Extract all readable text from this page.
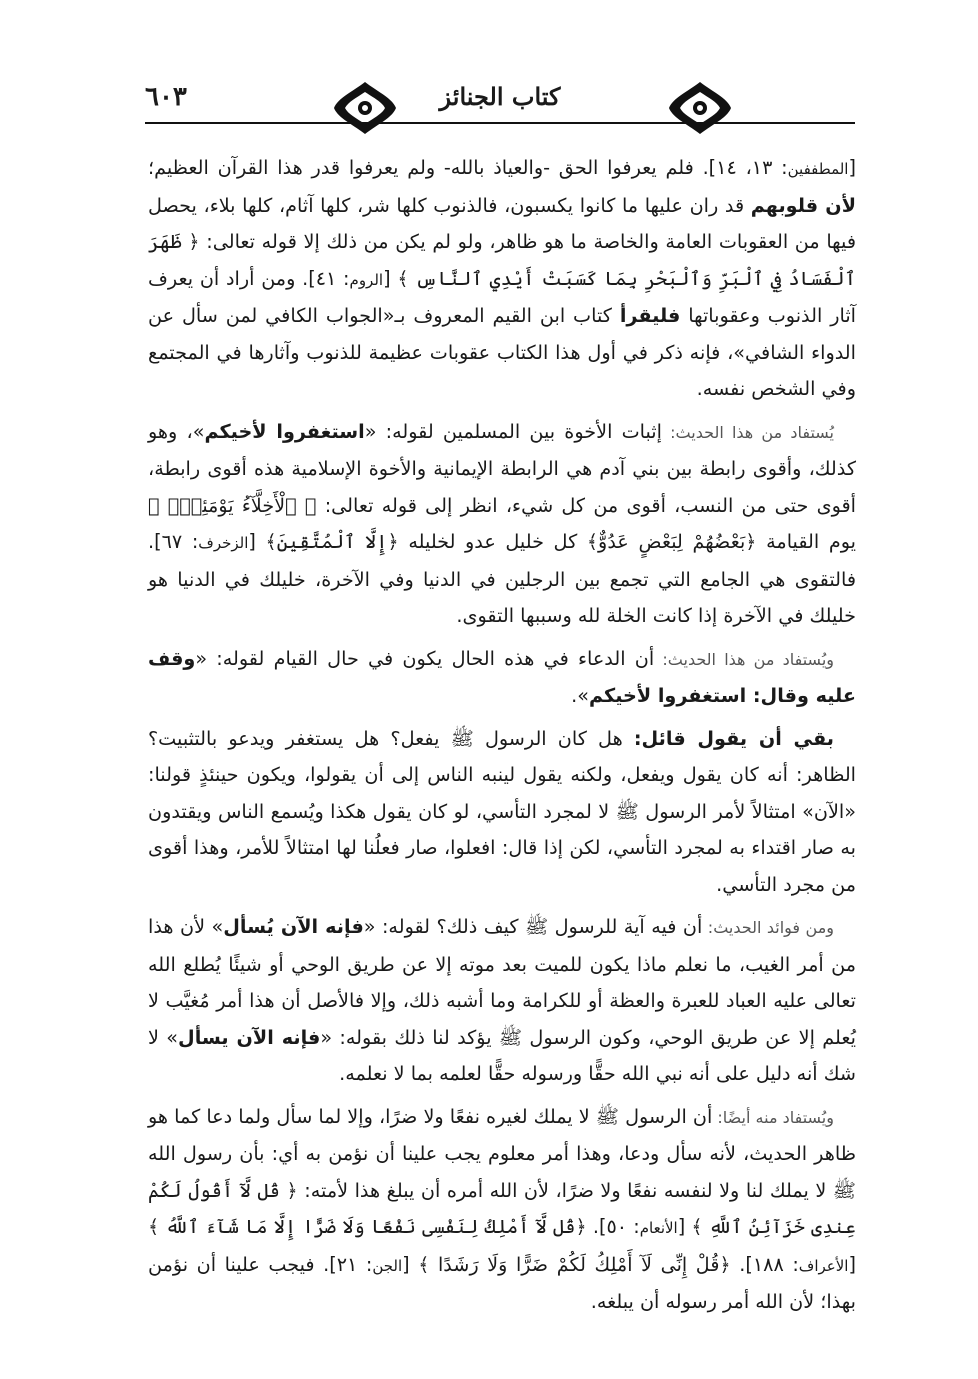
٦٠٣	كتاب الجنائز

[المطففين: ١٣، ١٤]. فلم يعرفوا الحق -والعياذ بالله- ولم يعرفوا قدر هذا القرآن العظيم؛ لأن قلوبهم قد ران عليها ما كانوا يكسبون، فالذنوب كلها شر، كلها آثام، كلها بلاء، يحصل فيها من العقوبات العامة والخاصة ما هو ظاهر، ولو لم يكن من ذلك إلا قوله تعالى: ﴿ ظَهَرَ ٱلْفَسَادُ فِي ٱلْبَرِّ وَٱلْبَحْرِ بِمَا كَسَبَتْ أَيْدِي ٱلنَّاسِ ﴾ [الروم: ٤١]. ومن أراد أن يعرف آثار الذنوب وعقوباتها فليقرأ كتاب ابن القيم المعروف بـ«الجواب الكافي لمن سأل عن الدواء الشافي»، فإنه ذكر في أول هذا الكتاب عقوبات عظيمة للذنوب وآثارها في المجتمع وفي الشخص نفسه.

يُستفاد من هذا الحديث: إثبات الأخوة بين المسلمين لقوله: «استغفروا لأخيكم»، وهو كذلك، وأقوى رابطة بين بني آدم هي الرابطة الإيمانية والأخوة الإسلامية هذه أقوى رابطة، أقوى حتى من النسب، أقوى من كل شيء، انظر إلى قوله تعالى: ﴿ ٱلْأَخِلَّآءُ يَوْمَئِذٍۭ ﴾ يوم القيامة ﴿بَعْضُهُمْ لِبَعْضٍ عَدُوٌّ﴾ كل خليل عدو لخليله ﴿إِلَّا ٱلْمُتَّقِينَ﴾ [الزخرف: ٦٧]. فالتقوى هي الجامع التي تجمع بين الرجلين في الدنيا وفي الآخرة، خليلك في الدنيا هو خليلك في الآخرة إذا كانت الخلة لله وسببها التقوى.

ويُستفاد من هذا الحديث: أن الدعاء في هذه الحال يكون في حال القيام لقوله: «وقف عليه وقال: استغفروا لأخيكم».

بقي أن يقول قائل: هل كان الرسول ﷺ يفعل؟ هل يستغفر ويدعو بالتثبيت؟ الظاهر: أنه كان يقول ويفعل، ولكنه يقول لينبه الناس إلى أن يقولوا، ويكون حينئذٍ قولنا: «الآن» امتثالاً لأمر الرسول ﷺ لا لمجرد التأسي، لو كان يقول هكذا ويُسمع الناس ويقتدون به صار اقتداء به لمجرد التأسي، لكن إذا قال: افعلوا، صار فعلُنا لها امتثالاً للأمر، وهذا أقوى من مجرد التأسي.

ومن فوائد الحديث: أن فيه آية للرسول ﷺ كيف ذلك؟ لقوله: «فإنه الآن يُسأل» لأن هذا من أمر الغيب، ما نعلم ماذا يكون للميت بعد موته إلا عن طريق الوحي أو شيئًا يُطلع الله تعالى عليه العباد للعبرة والعظة أو للكرامة وما أشبه ذلك، وإلا فالأصل أن هذا أمر مُغيَّب لا يُعلم إلا عن طريق الوحي، وكون الرسول ﷺ يؤكد لنا ذلك بقوله: «فإنه الآن يسأل» لا شك أنه دليل على أنه نبي الله حقًّا ورسوله حقًّا لعلمه بما لا نعلمه.

ويُستفاد منه أيضًا: أن الرسول ﷺ لا يملك لغيره نفعًا ولا ضرًا، وإلا لما سأل ولما دعا كما هو ظاهر الحديث، لأنه سأل ودعا، وهذا أمر معلوم يجب علينا أن نؤمن به أي: بأن رسول الله ﷺ لا يملك لنا ولا لنفسه نفعًا ولا ضرًا، لأن الله أمره أن يبلغ هذا لأمته: ﴿ قُل لَّآ أَقُولُ لَكُمْ عِندِى خَزَآئِنُ ٱللَّهِ ﴾ [الأنعام: ٥٠]. ﴿قُل لَّآ أَمْلِكُ لِنَفْسِى نَفْعًا وَلَا ضَرًّا إِلَّا مَا شَآءَ ٱللَّهُ ﴾ [الأعراف: ١٨٨]. ﴿قُلْ إِنِّى لَآ أَمْلِكُ لَكُمْ ضَرًّا وَلَا رَشَدًا ﴾ [الجن: ٢١]. فيجب علينا أن نؤمن بهذا؛ لأن الله أمر رسوله أن يبلغه.
